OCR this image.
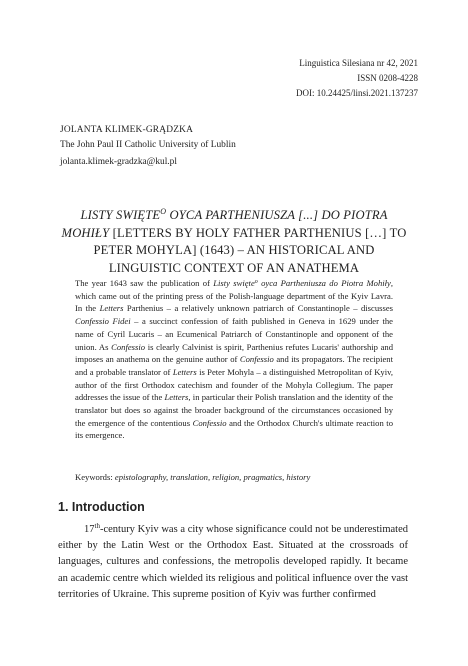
Linguistica Silesiana nr 42, 2021
ISSN 0208-4228
DOI: 10.24425/linsi.2021.137237
JOLANTA KLIMEK-GRĄDZKA
The John Paul II Catholic University of Lublin
jolanta.klimek-gradzka@kul.pl
LISTY $SWIĘTE^O$ OYCA PARTHENIUSZA [...] DO PIOTRA MOHIŁY [LETTERS BY HOLY FATHER PARTHENIUS […] TO PETER MOHYLA] (1643) – AN HISTORICAL AND LINGUISTIC CONTEXT OF AN ANATHEMA
The year 1643 saw the publication of Listy swięte$^o$ oyca Partheniusza do Piotra Mohiły, which came out of the printing press of the Polish-language department of the Kyiv Lavra. In the Letters Parthenius – a relatively unknown patriarch of Constantinople – discusses Confessio Fidei – a succinct confession of faith published in Geneva in 1629 under the name of Cyril Lucaris – an Ecumenical Patriarch of Constantinople and opponent of the union. As Confessio is clearly Calvinist is spirit, Parthenius refutes Lucaris' authorship and imposes an anathema on the genuine author of Confessio and its propagators. The recipient and a probable translator of Letters is Peter Mohyla – a distinguished Metropolitan of Kyiv, author of the first Orthodox catechism and founder of the Mohyla Collegium. The paper addresses the issue of the Letters, in particular their Polish translation and the identity of the translator but does so against the broader background of the circumstances occasioned by the emergence of the contentious Confessio and the Orthodox Church's ultimate reaction to its emergence.
Keywords: epistolography, translation, religion, pragmatics, history
1. Introduction

17th-century Kyiv was a city whose significance could not be underestimated either by the Latin West or the Orthodox East. Situated at the crossroads of languages, cultures and confessions, the metropolis developed rapidly. It became an academic centre which wielded its religious and political influence over the vast territories of Ukraine. This supreme position of Kyiv was further confirmed
